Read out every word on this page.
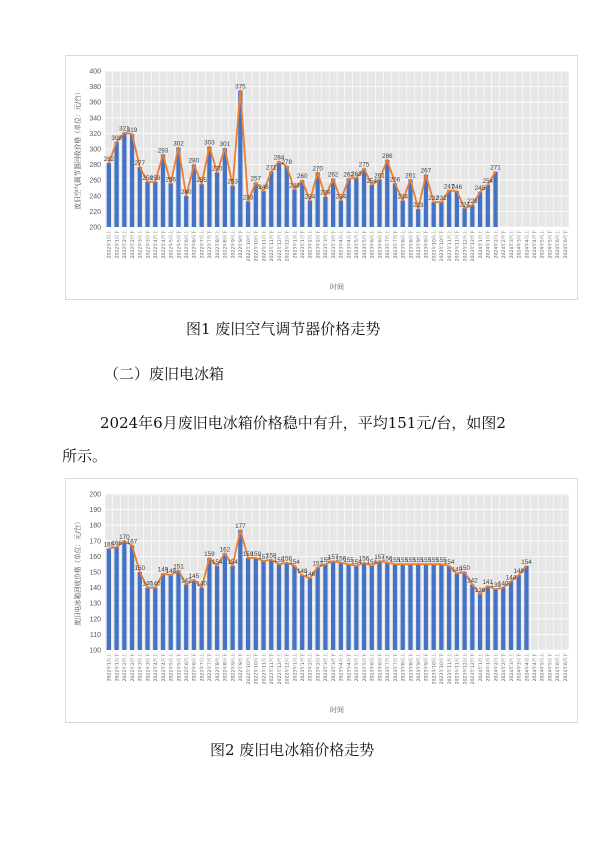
200
220
240
260
280
300
320
340
360
380
400
282
309
321
319
277
258
258
293
256
302
240
280
255
303
270
301
253
375
233
257
246
271
284
278
248
260
234
270
239
262
234
262
263
275
254
261
286
256
234
261
223
267
232
232
247
246
224
228
245
254
271
2022年1月上 2022年1月下 2022年2月上 2022年2月下 2022年3月上 2022年3月下 2022年4月上 2022年4月下 2022年5月上 2022年5月下 2022年6月上 2022年6月下 2022年7月上 2022年7月下 2022年8月上 2022年8月下 2022年9月上 2022年9月下 2022年10月上 2022年10月下 2022年11月上 2022年11月下 2022年12月上 2022年12月下 2023年1月上 2023年1月下 2023年2月上 2023年2月下 2023年3月上 2023年3月下 2023年4月上 2023年4月下 2023年5月上 2023年5月下 2023年6月上 2023年6月下 2023年7月上 2023年7月下 2023年8月上 2023年8月下 2023年9月上 2023年9月下 2023年10月上 2023年10月下 2023年11月上 2023年11月下 2023年12月上 2023年12月下 2024年1月上 2024年1月下 2024年2月上 2024年2月下 2024年3月上 2024年3月下 2024年4月上 2024年4月下 2024年5月上 2024年5月下 2024年6月上 2024年6月下
时间
废旧空气调节器回收价格（单位：元/台）
图1 废旧空气调节器价格走势
（二）废旧电冰箱
2024年6月废旧电冰箱价格稳中有升，平均151元/台，如图2
所示。
100
110
120
130
140
150
160
170
180
190
200
165
166
170
167
150
140
140
149
148
151
142
145
140
159
154
162
154
177
159
159
157
158
155
156
154
148
146
153
155
157
156
155
154
156
154
157
156
155
155
155
155
155
155
155
154
149
150
142
136
141
139
140
144
148
154
2022年1月上 2022年1月下 2022年2月上 2022年2月下 2022年3月上 2022年3月下 2022年4月上 2022年4月下 2022年5月上 2022年5月下 2022年6月上 2022年6月下 2022年7月上 2022年7月下 2022年8月上 2022年8月下 2022年9月上 2022年9月下 2022年10月上 2022年10月下 2022年11月上 2022年11月下 2022年12月上 2022年12月下 2023年1月上 2023年1月下 2023年2月上 2023年2月下 2023年3月上 2023年3月下 2023年4月上 2023年4月下 2023年5月上 2023年5月下 2023年6月上 2023年6月下 2023年7月上 2023年7月下 2023年8月上 2023年8月下 2023年9月上 2023年9月下 2023年10月上 2023年10月下 2023年11月上 2023年11月下 2023年12月上 2023年12月下 2024年1月上 2024年1月下 2024年2月上 2024年2月下 2024年3月上 2024年3月下 2024年4月上 2024年4月下 2024年5月上 2024年5月下 2024年6月上 2024年6月下
时间
废旧电冰箱回收价格（单位：元/台）
图2 废旧电冰箱价格走势
